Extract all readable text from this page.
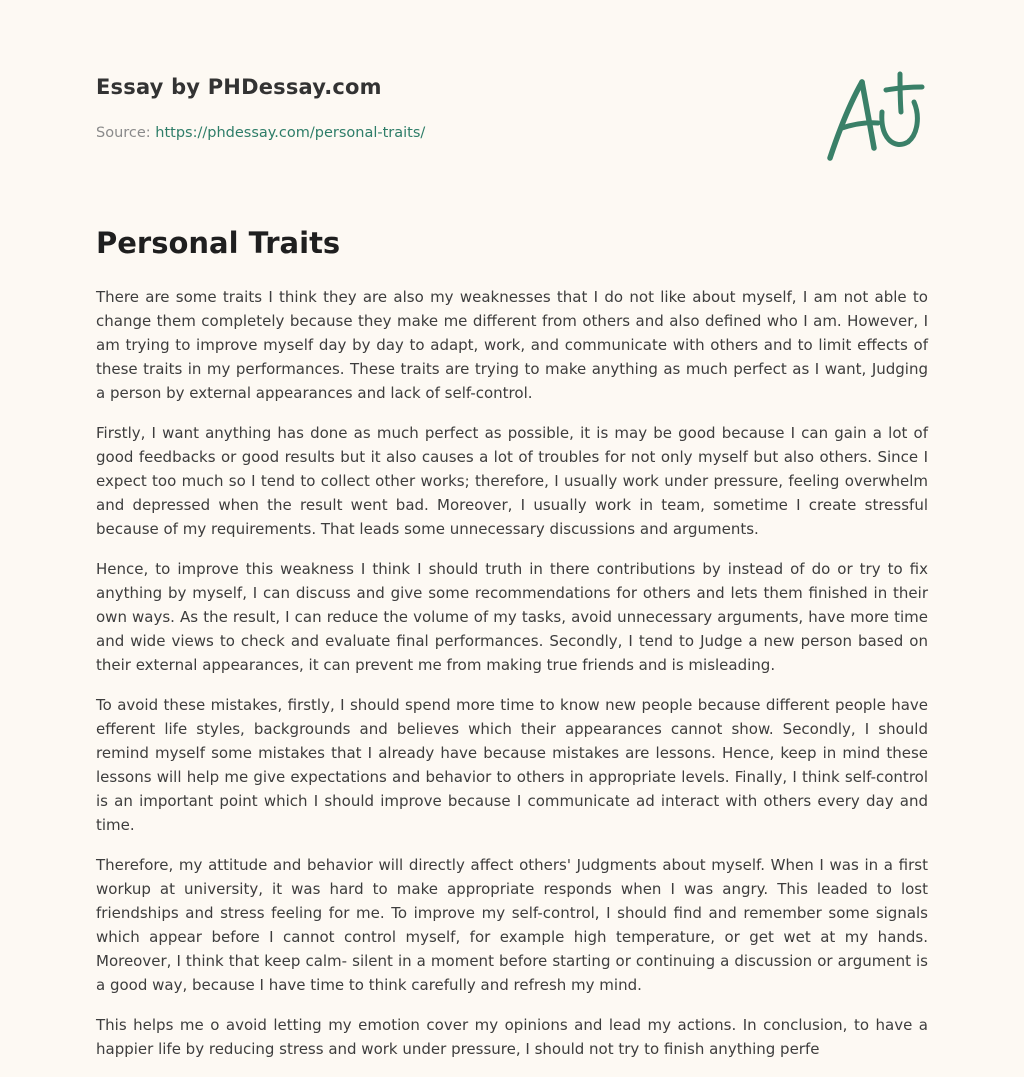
Essay by PHDessay.com
Source: https://phdessay.com/personal-traits/
Personal Traits

There are some traits I think they are also my weaknesses that I do not like about myself, I am not able to change them completely because they make me different from others and also defined who I am. However, I am trying to improve myself day by day to adapt, work, and communicate with others and to limit effects of these traits in my performances. These traits are trying to make anything as much perfect as I want, Judging a person by external appearances and lack of self-control.

Firstly, I want anything has done as much perfect as possible, it is may be good because I can gain a lot of good feedbacks or good results but it also causes a lot of troubles for not only myself but also others. Since I expect too much so I tend to collect other works; therefore, I usually work under pressure, feeling overwhelm and depressed when the result went bad. Moreover, I usually work in team, sometime I create stressful because of my requirements. That leads some unnecessary discussions and arguments.

Hence, to improve this weakness I think I should truth in there contributions by instead of do or try to fix anything by myself, I can discuss and give some recommendations for others and lets them finished in their own ways. As the result, I can reduce the volume of my tasks, avoid unnecessary arguments, have more time and wide views to check and evaluate final performances. Secondly, I tend to Judge a new person based on their external appearances, it can prevent me from making true friends and is misleading.

To avoid these mistakes, firstly, I should spend more time to know new people because different people have efferent life styles, backgrounds and believes which their appearances cannot show. Secondly, I should remind myself some mistakes that I already have because mistakes are lessons. Hence, keep in mind these lessons will help me give expectations and behavior to others in appropriate levels. Finally, I think self-control is an important point which I should improve because I communicate ad interact with others every day and time.

Therefore, my attitude and behavior will directly affect others' Judgments about myself. When I was in a first workup at university, it was hard to make appropriate responds when I was angry. This leaded to lost friendships and stress feeling for me. To improve my self-control, I should find and remember some signals which appear before I cannot control myself, for example high temperature, or get wet at my hands. Moreover, I think that keep calm- silent in a moment before starting or continuing a discussion or argument is a good way, because I have time to think carefully and refresh my mind.

This helps me o avoid letting my emotion cover my opinions and lead my actions. In conclusion, to have a happier life by reducing stress and work under pressure, I should not try to finish anything perfe
